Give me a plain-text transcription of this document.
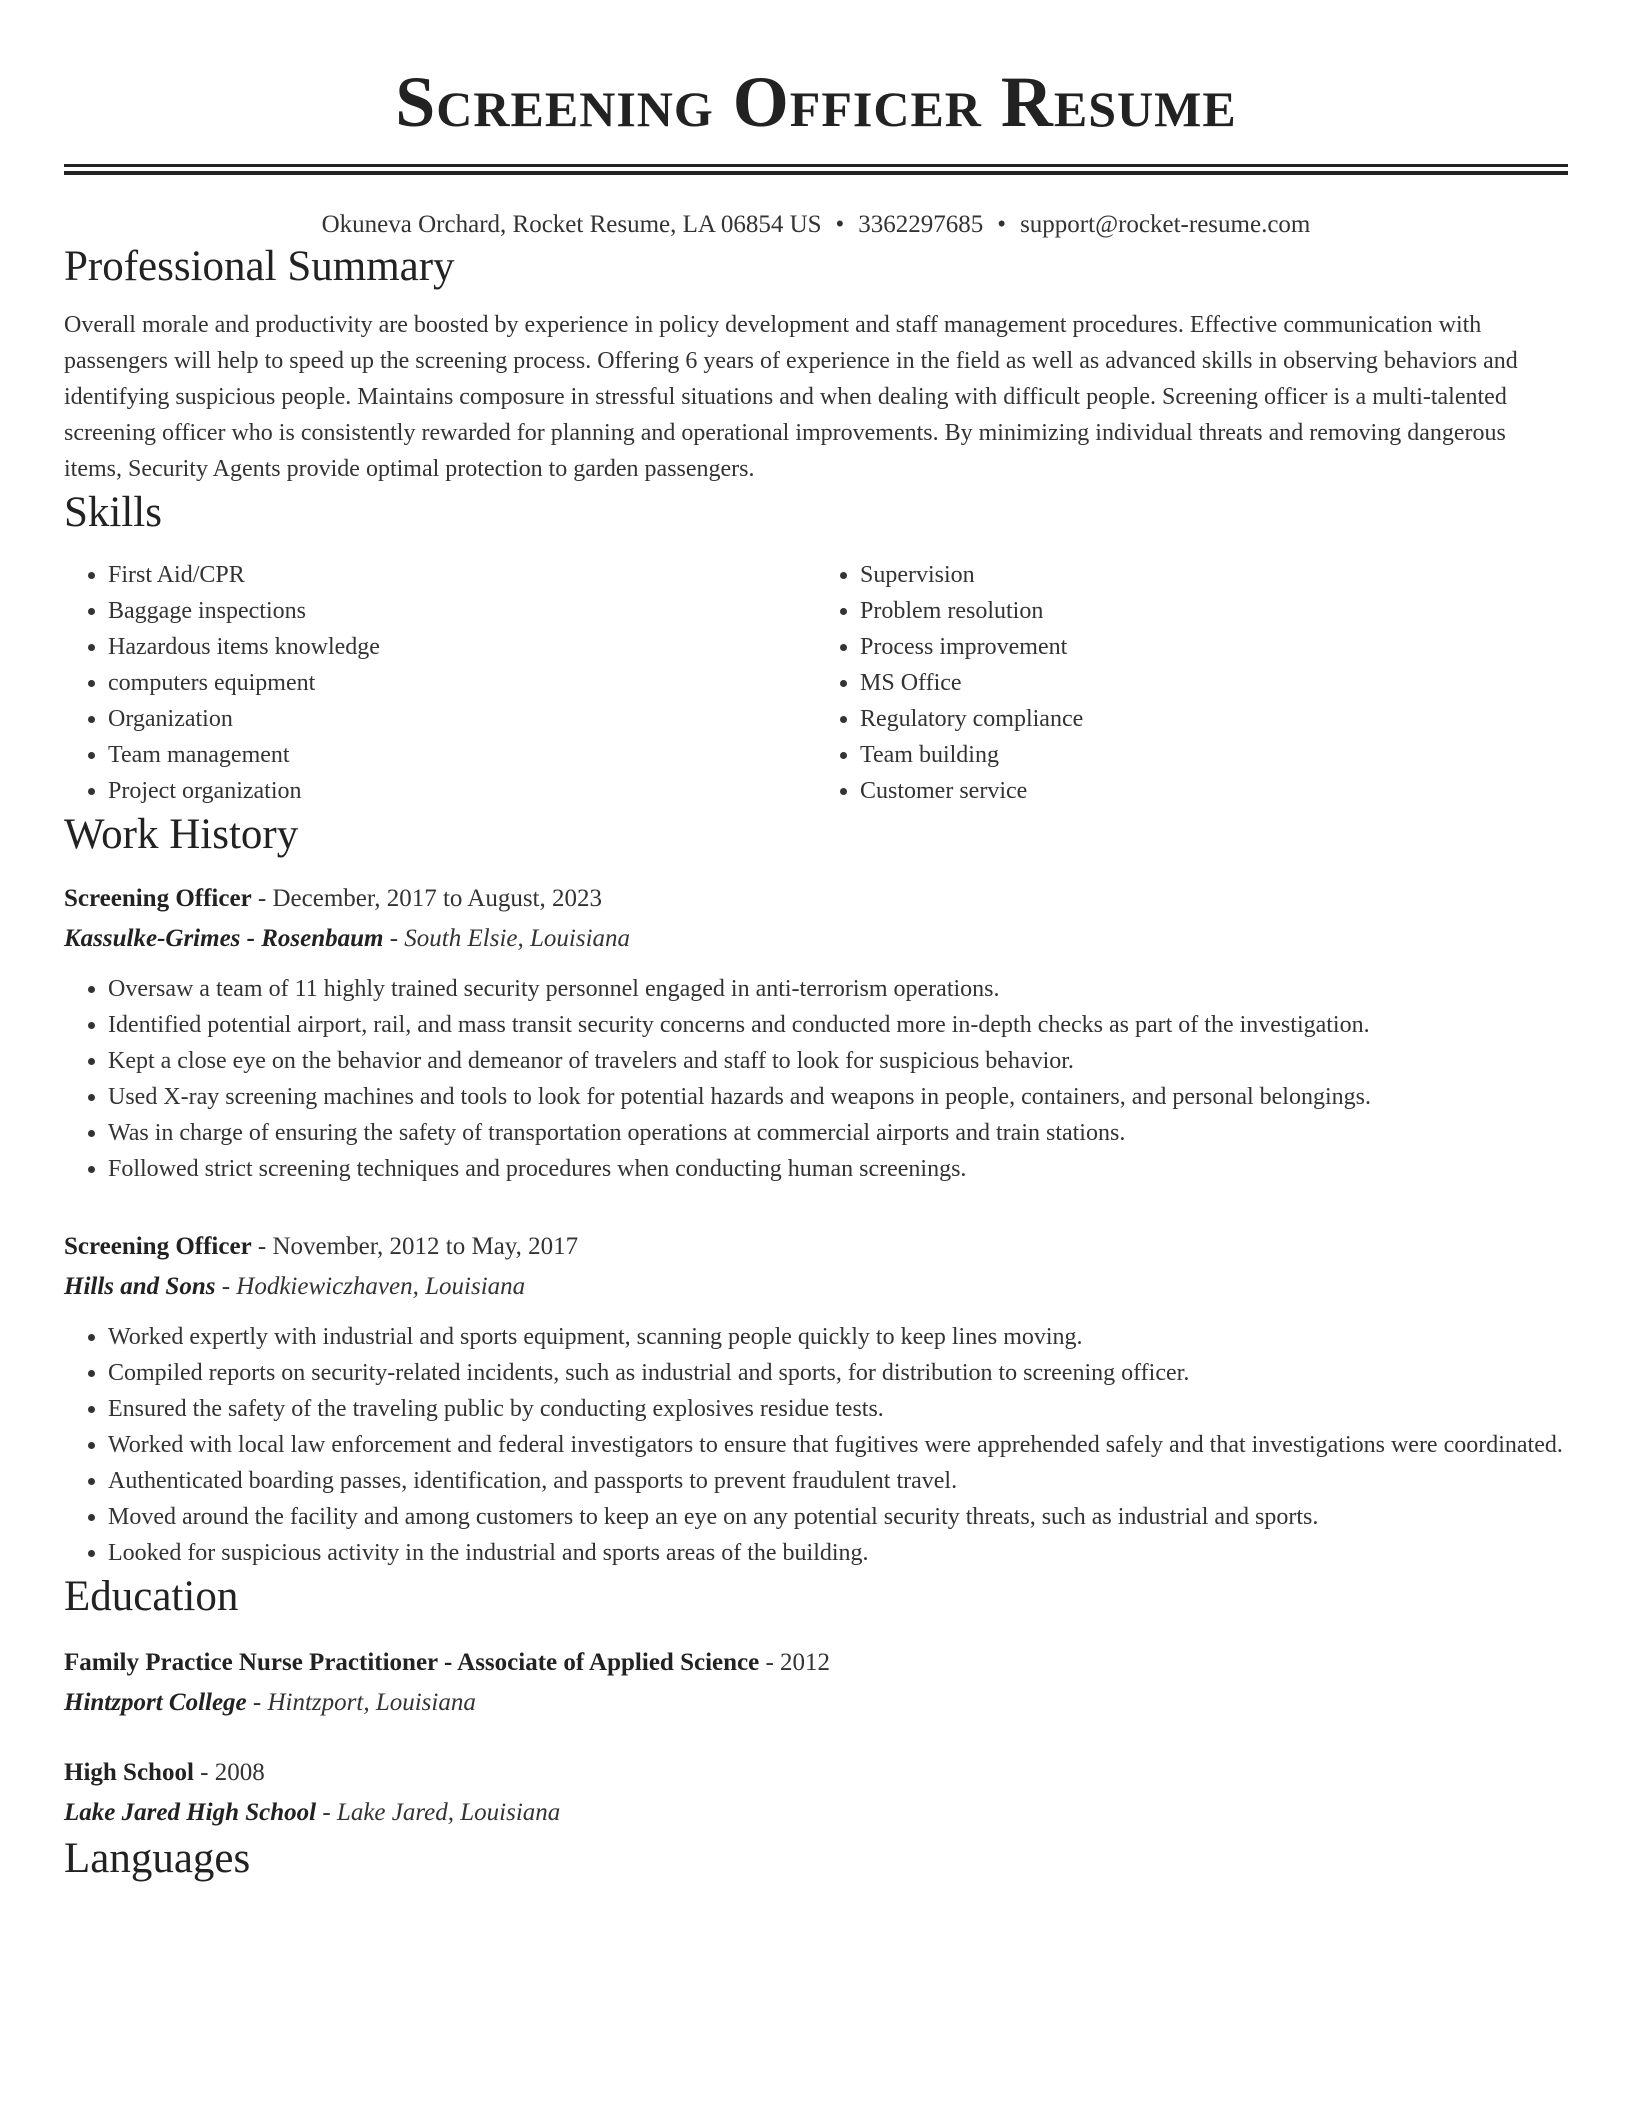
Screening Officer Resume
Okuneva Orchard, Rocket Resume, LA 06854 US • 3362297685 • support@rocket-resume.com
Professional Summary

Overall morale and productivity are boosted by experience in policy development and staff management procedures. Effective communication with passengers will help to speed up the screening process. Offering 6 years of experience in the field as well as advanced skills in observing behaviors and identifying suspicious people. Maintains composure in stressful situations and when dealing with difficult people. Screening officer is a multi-talented screening officer who is consistently rewarded for planning and operational improvements. By minimizing individual threats and removing dangerous items, Security Agents provide optimal protection to garden passengers.

Skills
• First Aid/CPR
• Baggage inspections
• Hazardous items knowledge
• computers equipment
• Organization
• Team management
• Project organization
• Supervision
• Problem resolution
• Process improvement
• MS Office
• Regulatory compliance
• Team building
• Customer service
Work History
Screening Officer - December, 2017 to August, 2023
Kassulke-Grimes - Rosenbaum - South Elsie, Louisiana
• Oversaw a team of 11 highly trained security personnel engaged in anti-terrorism operations.
• Identified potential airport, rail, and mass transit security concerns and conducted more in-depth checks as part of the investigation.
• Kept a close eye on the behavior and demeanor of travelers and staff to look for suspicious behavior.
• Used X-ray screening machines and tools to look for potential hazards and weapons in people, containers, and personal belongings.
• Was in charge of ensuring the safety of transportation operations at commercial airports and train stations.
• Followed strict screening techniques and procedures when conducting human screenings.
Screening Officer - November, 2012 to May, 2017
Hills and Sons - Hodkiewiczhaven, Louisiana
• Worked expertly with industrial and sports equipment, scanning people quickly to keep lines moving.
• Compiled reports on security-related incidents, such as industrial and sports, for distribution to screening officer.
• Ensured the safety of the traveling public by conducting explosives residue tests.
• Worked with local law enforcement and federal investigators to ensure that fugitives were apprehended safely and that investigations were coordinated.
• Authenticated boarding passes, identification, and passports to prevent fraudulent travel.
• Moved around the facility and among customers to keep an eye on any potential security threats, such as industrial and sports.
• Looked for suspicious activity in the industrial and sports areas of the building.
Education
Family Practice Nurse Practitioner - Associate of Applied Science - 2012
Hintzport College - Hintzport, Louisiana
High School - 2008
Lake Jared High School - Lake Jared, Louisiana
Languages
